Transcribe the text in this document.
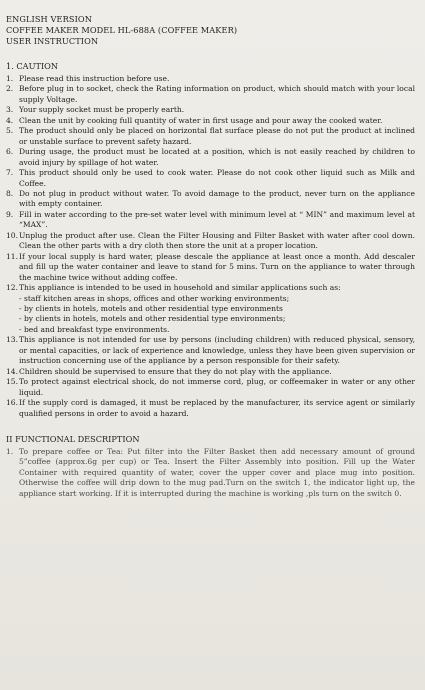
ENGLISH VERSION
COFFEE MAKER MODEL HL-688A (COFFEE MAKER)
USER INSTRUCTION
1. CAUTION
1. Please read this instruction before use.
2. Before plug in to socket, check the Rating information on product, which should match with your local supply Voltage.
3. Your supply socket must be properly earth.
4. Clean the unit by cooking full quantity of water in first usage and pour away the cooked water.
5. The product should only be placed on horizontal flat surface please do not put the product at inclined or unstable surface to prevent safety hazard.
6. During usage, the product must be located at a position, which is not easily reached by children to avoid injury by spillage of hot water.
7. This product should only be used to cook water. Please do not cook other liquid such as Milk and Coffee.
8. Do not plug in product without water. To avoid damage to the product, never turn on the appliance with empty container.
9. Fill in water according to the pre-set water level with minimum level at “ MIN” and maximum level at “MAX”.
10. Unplug the product after use. Clean the Filter Housing and Filter Basket with water after cool down. Clean the other parts with a dry cloth then store the unit at a proper location.
11. If your local supply is hard water, please descale the appliance at least once a month. Add descaler and fill up the water container and leave to stand for 5 mins. Turn on the appliance to water through the machine twice without adding coffee.
12. This appliance is intended to be used in household and similar applications such as:
- staff kitchen areas in shops, offices and other working environments;
- by clients in hotels, motels and other residential type environments
- by clients in hotels, motels and other residential type environments;
- bed and breakfast type environments.
13. This appliance is not intended for use by persons (including children) with reduced physical, sensory, or mental capacities, or lack of experience and knowledge, unless they have been given supervision or instruction concerning use of the appliance by a person responsible for their safety.
14. Children should be supervised to ensure that they do not play with the appliance.
15. To protect against electrical shock, do not immerse cord, plug, or coffeemaker in water or any other liquid.
16. If the supply cord is damaged, it must be replaced by the manufacturer, its service agent or similarly qualified persons in order to avoid a hazard.
II FUNCTIONAL DESCRIPTION
1. To prepare coffee or Tea: Put filter into the Filter Basket then add necessary amount of ground 5”coffee (approx.6g per cup) or Tea. Insert the Filter Assembly into position. Fill up the Water Container with required quantity of water, cover the upper cover and place mug into position. Otherwise the coffee will drip down to the mug pad.Turn on the switch 1, the indicator light up, the appliance start working. If it is interrupted during the machine is working ,pls turn on the switch 0.
